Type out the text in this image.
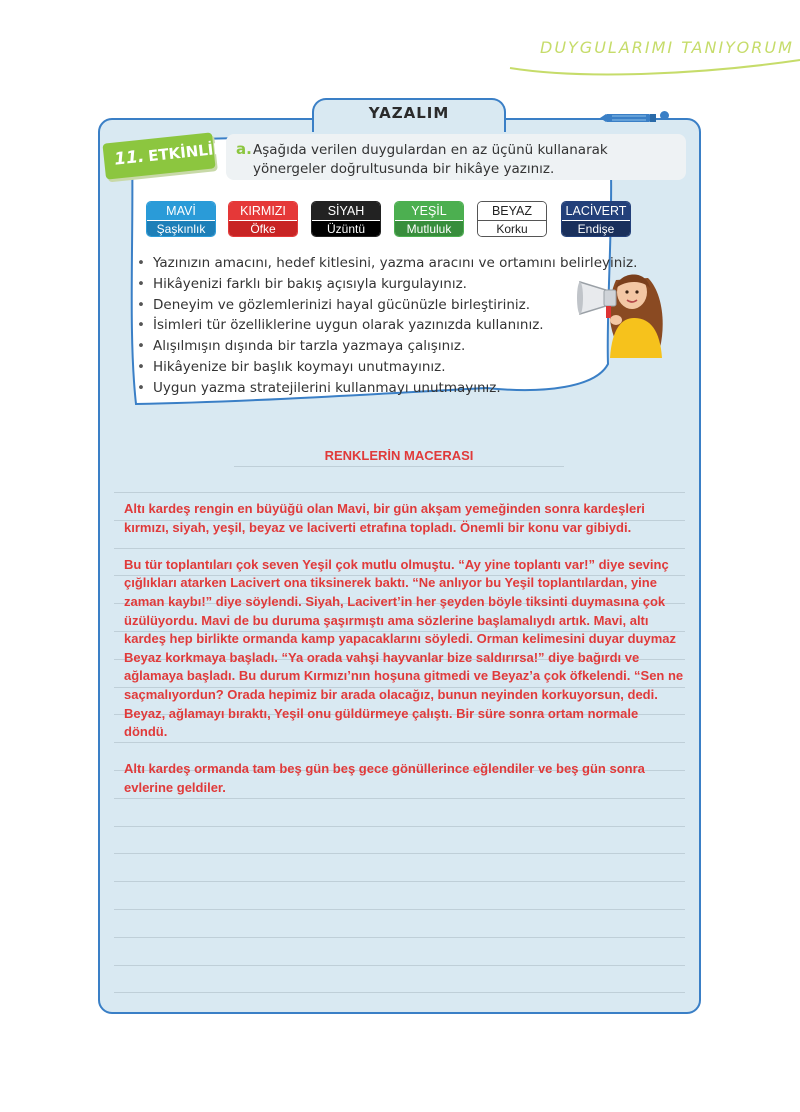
DUYGULARIMI TANIYORUM
YAZALIM
11. ETKİNLİK a. Aşağıda verilen duygulardan en az üçünü kullanarak yönergeler doğrultusunda bir hikâye yazınız.
MAVİ
Şaşkınlık
KIRMIZI
Öfke
SİYAH
Üzüntü
YEŞİL
Mutluluk
BEYAZ
Korku
LACİVERT
Endişe
• Yazınızın amacını, hedef kitlesini, yazma aracını ve ortamını belirleyiniz.
• Hikâyenizi farklı bir bakış açısıyla kurgulayınız.
• Deneyim ve gözlemlerinizi hayal gücünüzle birleştiriniz.
• İsimleri tür özelliklerine uygun olarak yazınızda kullanınız.
• Alışılmışın dışında bir tarzla yazmaya çalışınız.
• Hikâyenize bir başlık koymayı unutmayınız.
• Uygun yazma stratejilerini kullanmayı unutmayınız.
RENKLERİN MACERASI

Altı kardeş rengin en büyüğü olan Mavi, bir gün akşam yemeğinden sonra kardeşleri kırmızı, siyah, yeşil, beyaz ve laciverti etrafına topladı. Önemli bir konu var gibiydi.

Bu tür toplantıları çok seven Yeşil çok mutlu olmuştu. “Ay yine toplantı var!” diye sevinç çığlıkları atarken Lacivert ona tiksinerek baktı. “Ne anlıyor bu Yeşil toplantılardan, yine zaman kaybı!” diye söylendi. Siyah, Lacivert’in her şeyden böyle tiksinti duymasına çok üzülüyordu. Mavi de bu duruma şaşırmıştı ama sözlerine başlamalıydı artık. Mavi, altı kardeş hep birlikte ormanda kamp yapacaklarını söyledi. Orman kelimesini duyar duymaz Beyaz korkmaya başladı. “Ya orada vahşi hayvanlar bize saldırırsa!” diye bağırdı ve ağlamaya başladı. Bu durum Kırmızı’nın hoşuna gitmedi ve Beyaz’a çok öfkelendi. “Sen ne saçmalıyordun? Orada hepimiz bir arada olacağız, bunun neyinden korkuyorsun, dedi. Beyaz, ağlamayı bıraktı, Yeşil onu güldürmeye çalıştı. Bir süre sonra ortam normale döndü.

Altı kardeş ormanda tam beş gün beş gece gönüllerince eğlendiler ve beş gün sonra evlerine geldiler.
